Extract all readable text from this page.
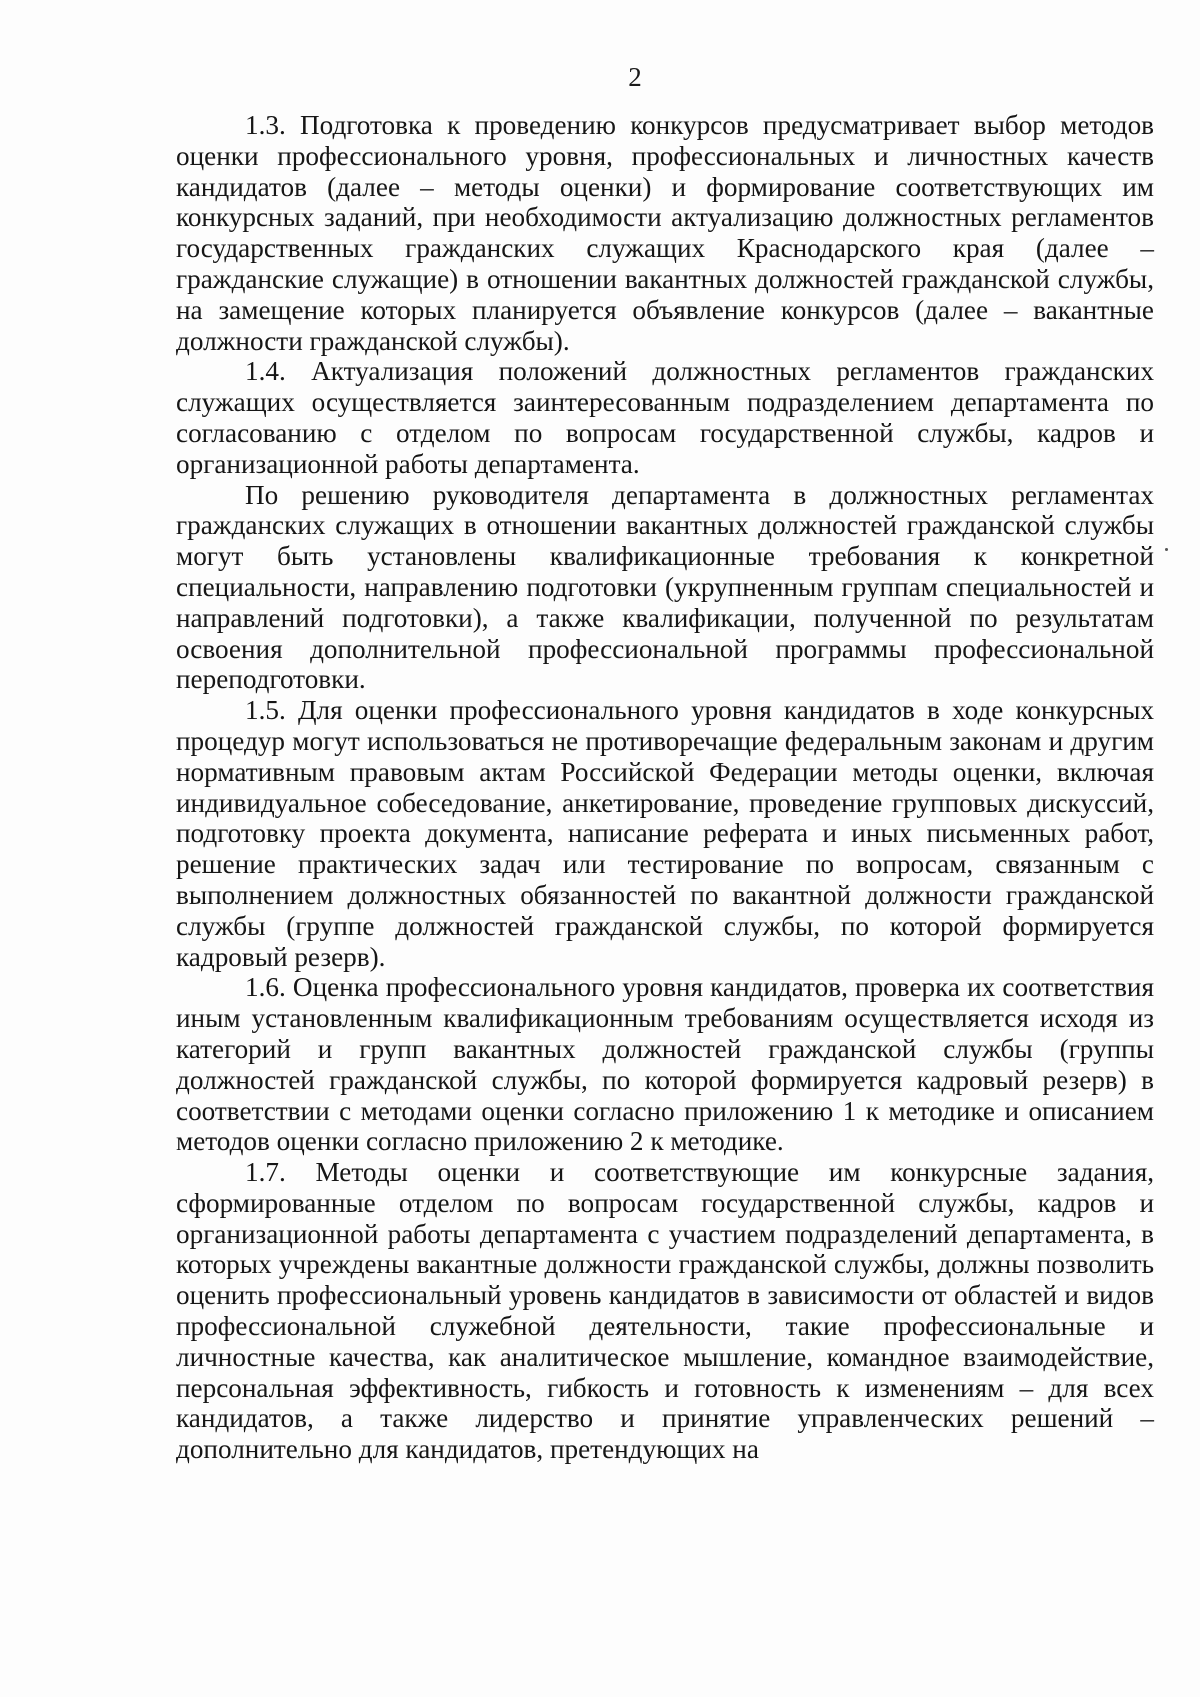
2

1.3. Подготовка к проведению конкурсов предусматривает выбор методов оценки профессионального уровня, профессиональных и личностных качеств кандидатов (далее – методы оценки) и формирование соответствующих им конкурсных заданий, при необходимости актуализацию должностных регламентов государственных гражданских служащих Краснодарского края (далее – гражданские служащие) в отношении вакантных должностей гражданской службы, на замещение которых планируется объявление конкурсов (далее – вакантные должности гражданской службы).

1.4. Актуализация положений должностных регламентов гражданских служащих осуществляется заинтересованным подразделением департамента по согласованию с отделом по вопросам государственной службы, кадров и организационной работы департамента.

По решению руководителя департамента в должностных регламентах гражданских служащих в отношении вакантных должностей гражданской службы могут быть установлены квалификационные требования к конкретной специальности, направлению подготовки (укрупненным группам специальностей и направлений подготовки), а также квалификации, полученной по результатам освоения дополнительной профессиональной программы профессиональной переподготовки.

1.5. Для оценки профессионального уровня кандидатов в ходе конкурсных процедур могут использоваться не противоречащие федеральным законам и другим нормативным правовым актам Российской Федерации методы оценки, включая индивидуальное собеседование, анкетирование, проведение групповых дискуссий, подготовку проекта документа, написание реферата и иных письменных работ, решение практических задач или тестирование по вопросам, связанным с выполнением должностных обязанностей по вакантной должности гражданской службы (группе должностей гражданской службы, по которой формируется кадровый резерв).

1.6. Оценка профессионального уровня кандидатов, проверка их соответствия иным установленным квалификационным требованиям осуществляется исходя из категорий и групп вакантных должностей гражданской службы (группы должностей гражданской службы, по которой формируется кадровый резерв) в соответствии с методами оценки согласно приложению 1 к методике и описанием методов оценки согласно приложению 2 к методике.

1.7. Методы оценки и соответствующие им конкурсные задания, сформированные отделом по вопросам государственной службы, кадров и организационной работы департамента с участием подразделений департамента, в которых учреждены вакантные должности гражданской службы, должны позволить оценить профессиональный уровень кандидатов в зависимости от областей и видов профессиональной служебной деятельности, такие профессиональные и личностные качества, как аналитическое мышление, командное взаимодействие, персональная эффективность, гибкость и готовность к изменениям – для всех кандидатов, а также лидерство и принятие управленческих решений – дополнительно для кандидатов, претендующих на
